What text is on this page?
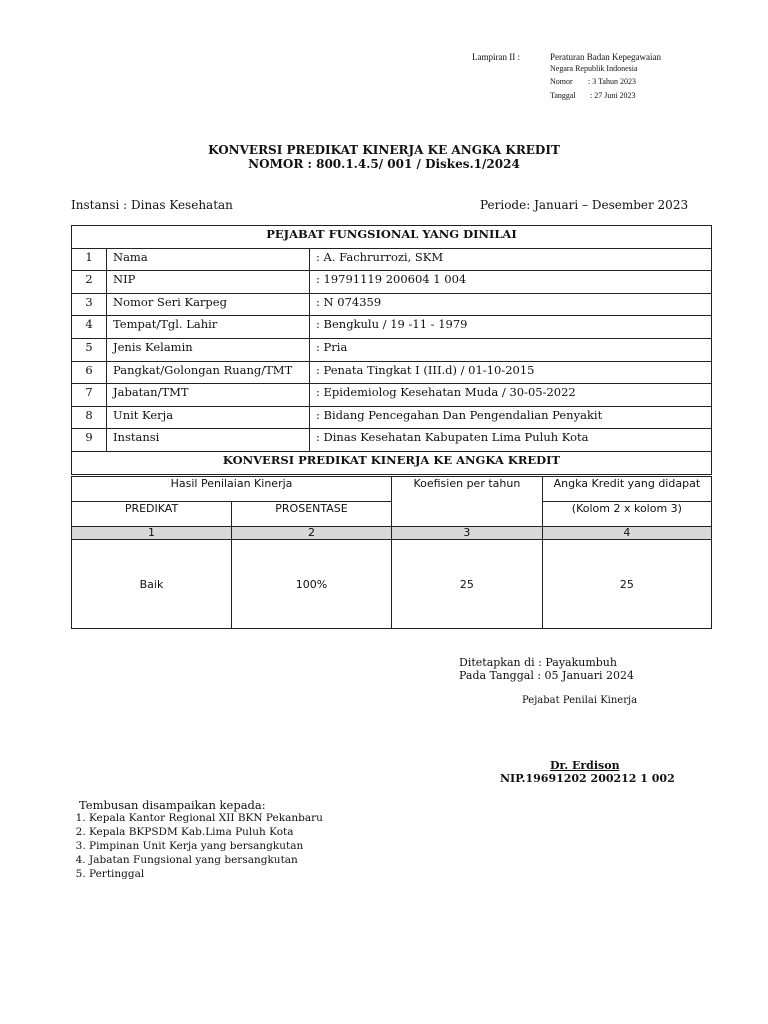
Lampiran II :	Peraturan Badan Kepegawaian
Negara Republik Indonesia
Nomor : 3 Tahun 2023
Tanggal : 27 Juni 2023
KONVERSI PREDIKAT KINERJA KE ANGKA KREDIT
NOMOR : 800.1.4.5/ 001 / Diskes.1/2024
Instansi : Dinas Kesehatan	Periode: Januari – Desember 2023
PEJABAT FUNGSIONAL YANG DINILAI		
1	Nama	: A. Fachrurrozi, SKM
2	NIP	: 19791119 200604 1 004
3	Nomor Seri Karpeg	: N 074359
4	Tempat/Tgl. Lahir	: Bengkulu / 19 -11 - 1979
5	Jenis Kelamin	: Pria
6	Pangkat/Golongan Ruang/TMT	: Penata Tingkat I (III.d) / 01-10-2015
7	Jabatan/TMT	: Epidemiolog Kesehatan Muda / 30-05-2022
8	Unit Kerja	: Bidang Pencegahan Dan Pengendalian Penyakit
9	Instansi	: Dinas Kesehatan Kabupaten Lima Puluh Kota
KONVERSI PREDIKAT KINERJA KE ANGKA KREDIT		
Hasil Penilaian Kinerja		Koefisien per tahun	Angka Kredit yang didapat
PREDIKAT	PROSENTASE		(Kolom 2 x kolom 3)
1	2	3	4
Baik	100%	25	25
Ditetapkan di : Payakumbuh
Pada Tanggal : 05 Januari 2024
Pejabat Penilai Kinerja
Dr. Erdison
NIP.19691202 200212 1 002
Tembusan disampaikan kepada:
1. Kepala Kantor Regional XII BKN Pekanbaru
2. Kepala BKPSDM Kab.Lima Puluh Kota
3. Pimpinan Unit Kerja yang bersangkutan
4. Jabatan Fungsional yang bersangkutan
5. Pertinggal
